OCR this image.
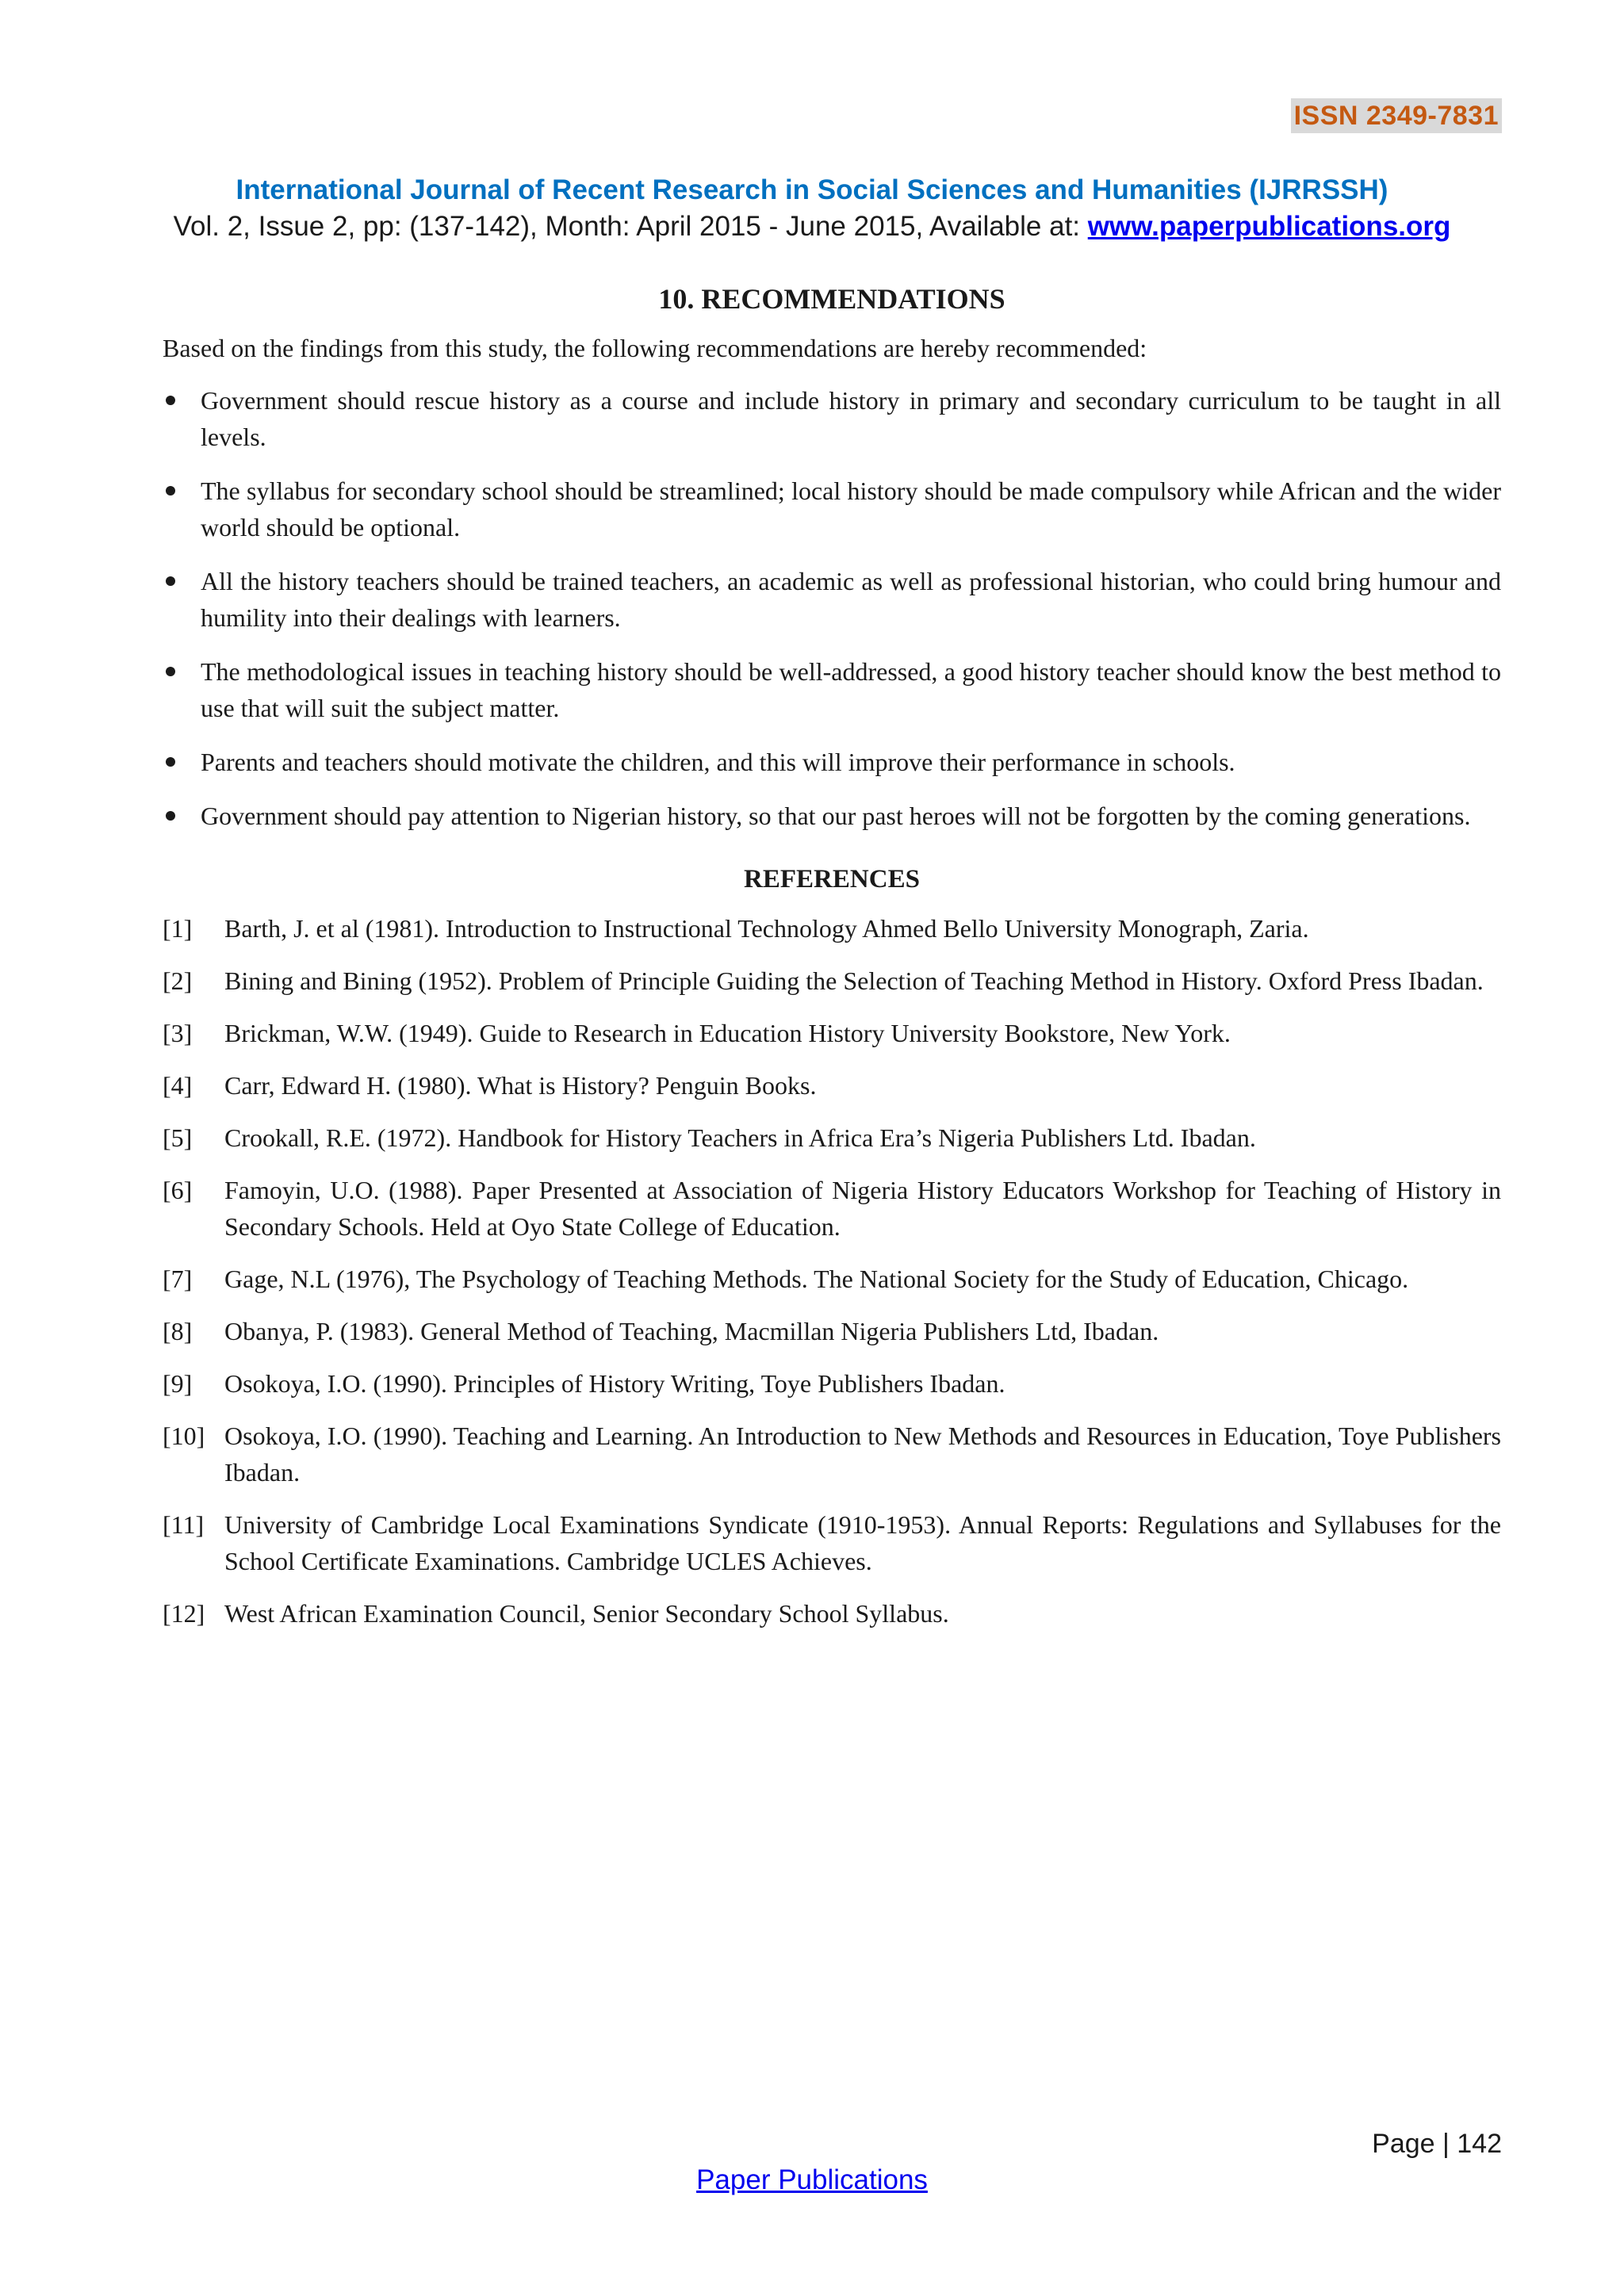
ISSN 2349-7831
International Journal of Recent Research in Social Sciences and Humanities (IJRRSSH)
Vol. 2, Issue 2, pp: (137-142), Month: April 2015 - June 2015, Available at: www.paperpublications.org
10. RECOMMENDATIONS

Based on the findings from this study, the following recommendations are hereby recommended:

Government should rescue history as a course and include history in primary and secondary curriculum to be taught in all levels.
The syllabus for secondary school should be streamlined; local history should be made compulsory while African and the wider world should be optional.
All the history teachers should be trained teachers, an academic as well as professional historian, who could bring humour and humility into their dealings with learners.
The methodological issues in teaching history should be well-addressed, a good history teacher should know the best method to use that will suit the subject matter.
Parents and teachers should motivate the children, and this will improve their performance in schools.
Government should pay attention to Nigerian history, so that our past heroes will not be forgotten by the coming generations.
REFERENCES
[1] Barth, J. et al (1981). Introduction to Instructional Technology Ahmed Bello University Monograph, Zaria.
[2] Bining and Bining (1952). Problem of Principle Guiding the Selection of Teaching Method in History. Oxford Press Ibadan.
[3] Brickman, W.W. (1949). Guide to Research in Education History University Bookstore, New York.
[4] Carr, Edward H. (1980). What is History? Penguin Books.
[5] Crookall, R.E. (1972). Handbook for History Teachers in Africa Era’s Nigeria Publishers Ltd. Ibadan.
[6] Famoyin, U.O. (1988). Paper Presented at Association of Nigeria History Educators Workshop for Teaching of History in Secondary Schools. Held at Oyo State College of Education.
[7] Gage, N.L (1976), The Psychology of Teaching Methods. The National Society for the Study of Education, Chicago.
[8] Obanya, P. (1983). General Method of Teaching, Macmillan Nigeria Publishers Ltd, Ibadan.
[9] Osokoya, I.O. (1990). Principles of History Writing, Toye Publishers Ibadan.
[10] Osokoya, I.O. (1990). Teaching and Learning. An Introduction to New Methods and Resources in Education, Toye Publishers Ibadan.
[11] University of Cambridge Local Examinations Syndicate (1910-1953). Annual Reports: Regulations and Syllabuses for the School Certificate Examinations. Cambridge UCLES Achieves.
[12] West African Examination Council, Senior Secondary School Syllabus.
Page | 142
Paper Publications
